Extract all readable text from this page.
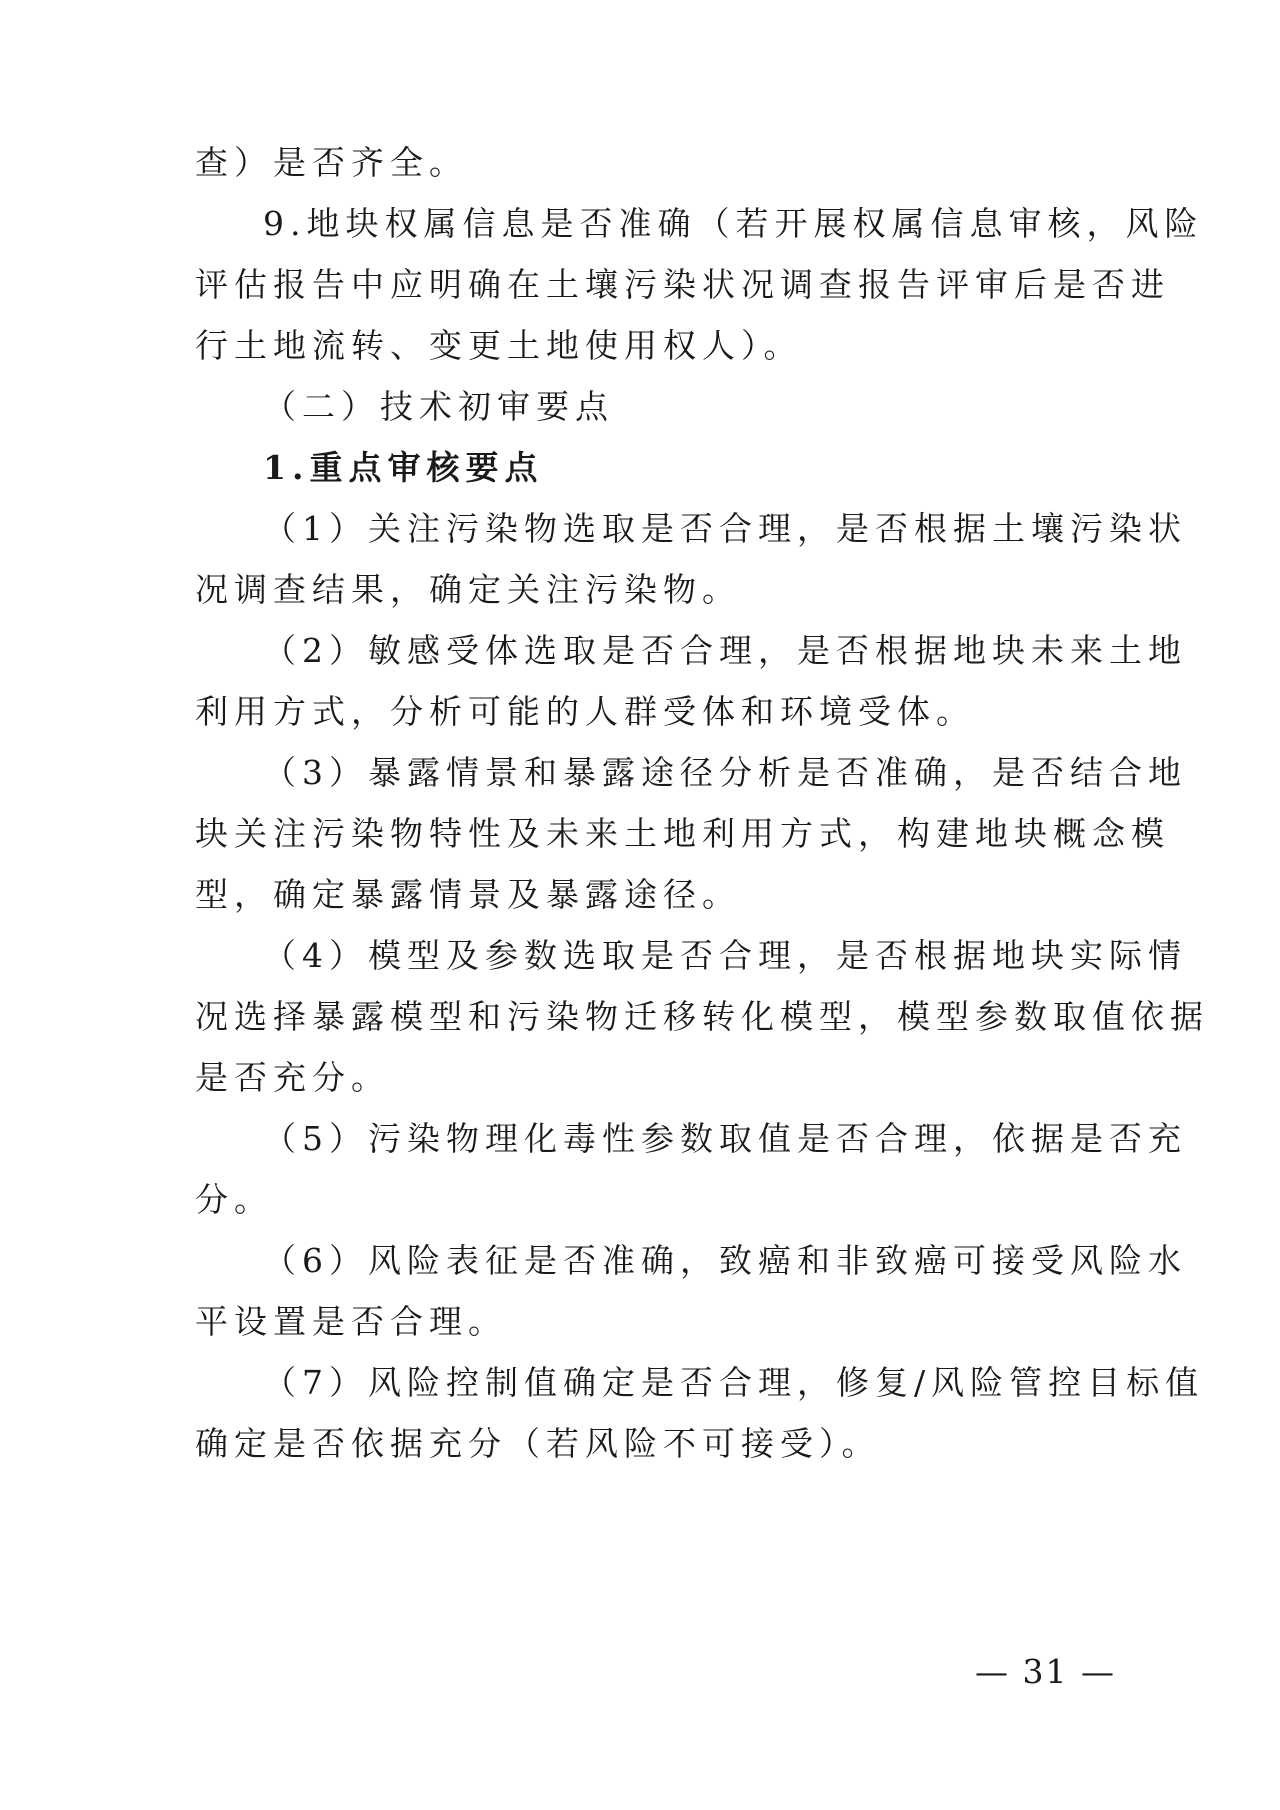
查）是否齐全。
9.地块权属信息是否准确（若开展权属信息审核，风险
评估报告中应明确在土壤污染状况调查报告评审后是否进
行土地流转、变更土地使用权人）。
（二）技术初审要点
1.重点审核要点
（1）关注污染物选取是否合理，是否根据土壤污染状
况调查结果，确定关注污染物。
（2）敏感受体选取是否合理，是否根据地块未来土地
利用方式，分析可能的人群受体和环境受体。
（3）暴露情景和暴露途径分析是否准确，是否结合地
块关注污染物特性及未来土地利用方式，构建地块概念模
型，确定暴露情景及暴露途径。
（4）模型及参数选取是否合理，是否根据地块实际情
况选择暴露模型和污染物迁移转化模型，模型参数取值依据
是否充分。
（5）污染物理化毒性参数取值是否合理，依据是否充
分。
（6）风险表征是否准确，致癌和非致癌可接受风险水
平设置是否合理。
（7）风险控制值确定是否合理，修复/风险管控目标值
确定是否依据充分（若风险不可接受）。
— 31 —
